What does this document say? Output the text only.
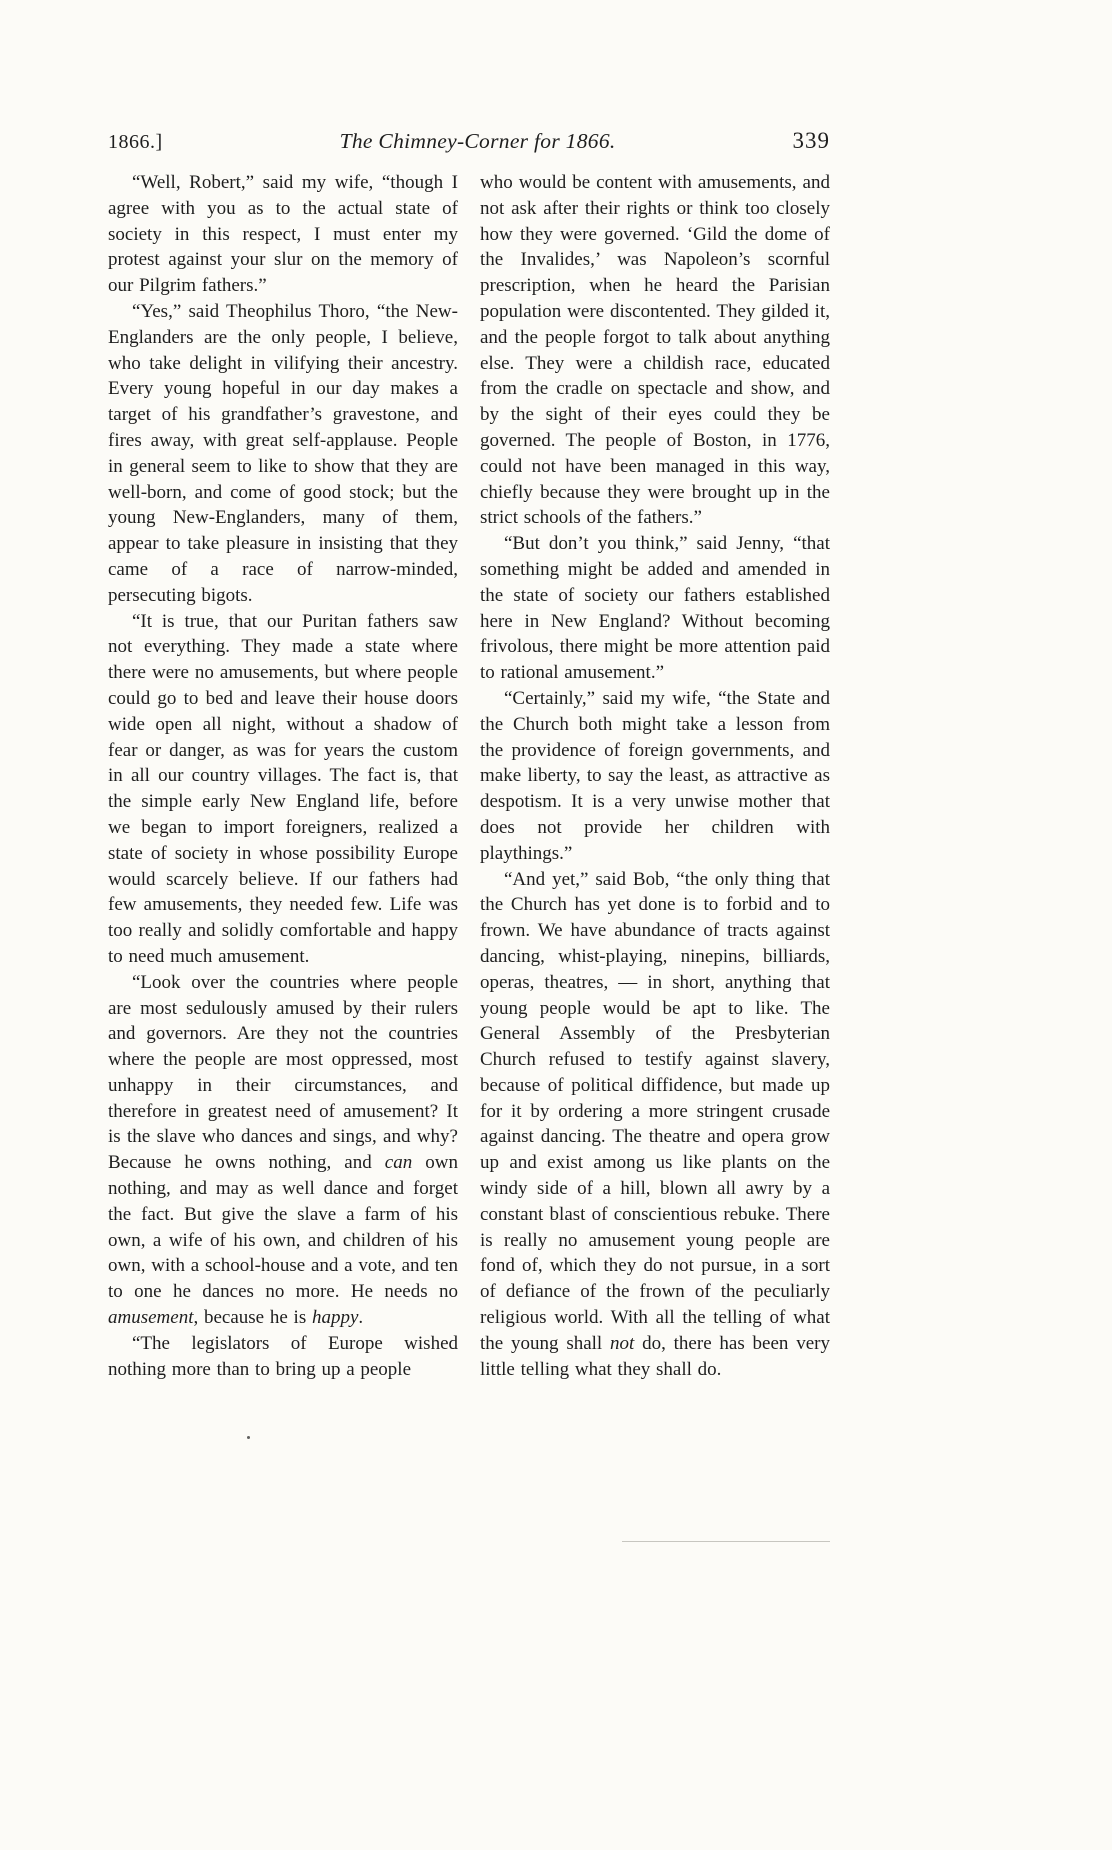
1866.]	The Chimney-Corner for 1866.	339

“Well, Robert,” said my wife, “though I agree with you as to the actual state of society in this respect, I must enter my protest against your slur on the memory of our Pilgrim fathers.”

“Yes,” said Theophilus Thoro, “the New-Englanders are the only people, I believe, who take delight in vilifying their ancestry. Every young hopeful in our day makes a target of his grandfather’s gravestone, and fires away, with great self-applause. People in general seem to like to show that they are well-born, and come of good stock; but the young New-Englanders, many of them, appear to take pleasure in insisting that they came of a race of narrow-minded, persecuting bigots.

“It is true, that our Puritan fathers saw not everything. They made a state where there were no amusements, but where people could go to bed and leave their house doors wide open all night, without a shadow of fear or danger, as was for years the custom in all our country villages. The fact is, that the simple early New England life, before we began to import foreigners, realized a state of society in whose possibility Europe would scarcely believe. If our fathers had few amusements, they needed few. Life was too really and solidly comfortable and happy to need much amusement.

“Look over the countries where people are most sedulously amused by their rulers and governors. Are they not the countries where the people are most oppressed, most unhappy in their circumstances, and therefore in greatest need of amusement? It is the slave who dances and sings, and why? Because he owns nothing, and can own nothing, and may as well dance and forget the fact. But give the slave a farm of his own, a wife of his own, and children of his own, with a school-house and a vote, and ten to one he dances no more. He needs no amusement, because he is happy.

“The legislators of Europe wished nothing more than to bring up a people

who would be content with amusements, and not ask after their rights or think too closely how they were governed. ‘Gild the dome of the Invalides,’ was Napoleon’s scornful prescription, when he heard the Parisian population were discontented. They gilded it, and the people forgot to talk about anything else. They were a childish race, educated from the cradle on spectacle and show, and by the sight of their eyes could they be governed. The people of Boston, in 1776, could not have been managed in this way, chiefly because they were brought up in the strict schools of the fathers.”

“But don’t you think,” said Jenny, “that something might be added and amended in the state of society our fathers established here in New England? Without becoming frivolous, there might be more attention paid to rational amusement.”

“Certainly,” said my wife, “the State and the Church both might take a lesson from the providence of foreign governments, and make liberty, to say the least, as attractive as despotism. It is a very unwise mother that does not provide her children with playthings.”

“And yet,” said Bob, “the only thing that the Church has yet done is to forbid and to frown. We have abundance of tracts against dancing, whist-playing, ninepins, billiards, operas, theatres, — in short, anything that young people would be apt to like. The General Assembly of the Presbyterian Church refused to testify against slavery, because of political diffidence, but made up for it by ordering a more stringent crusade against dancing. The theatre and opera grow up and exist among us like plants on the windy side of a hill, blown all awry by a constant blast of conscientious rebuke. There is really no amusement young people are fond of, which they do not pursue, in a sort of defiance of the frown of the peculiarly religious world. With all the telling of what the young shall not do, there has been very little telling what they shall do.
